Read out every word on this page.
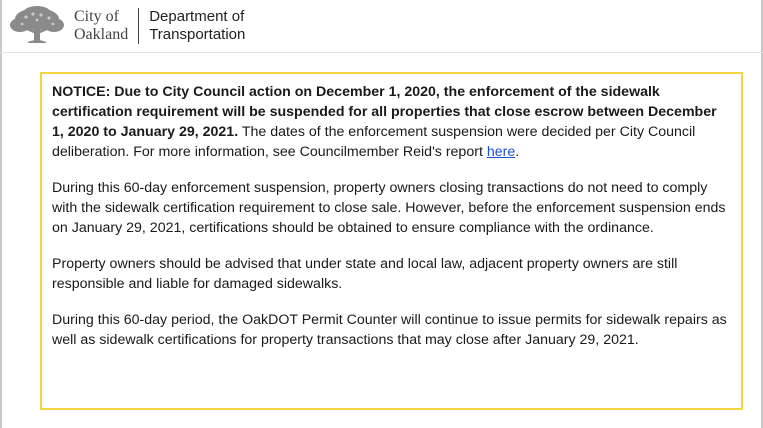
City of
Oakland
Department of
Transportation

NOTICE: Due to City Council action on December 1, 2020, the enforcement of the sidewalk certification requirement will be suspended for all properties that close escrow between December 1, 2020 to January 29, 2021. The dates of the enforcement suspension were decided per City Council deliberation. For more information, see Councilmember Reid's report here.

During this 60-day enforcement suspension, property owners closing transactions do not need to comply with the sidewalk certification requirement to close sale. However, before the enforcement suspension ends on January 29, 2021, certifications should be obtained to ensure compliance with the ordinance.

Property owners should be advised that under state and local law, adjacent property owners are still responsible and liable for damaged sidewalks.

During this 60-day period, the OakDOT Permit Counter will continue to issue permits for sidewalk repairs as well as sidewalk certifications for property transactions that may close after January 29, 2021.
